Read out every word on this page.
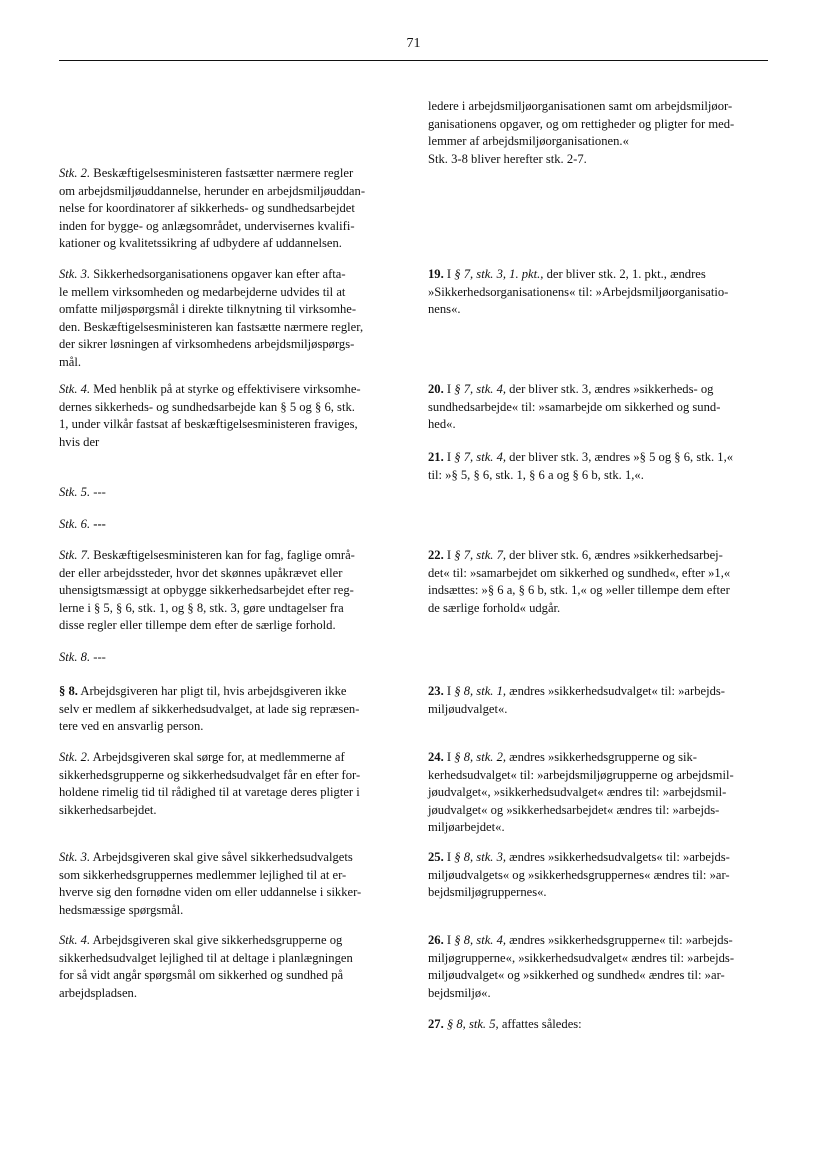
71
Stk. 2. Beskæftigelsesministeren fastsætter nærmere regler
om arbejdsmiljøuddannelse, herunder en arbejdsmiljøuddan-
nelse for koordinatorer af sikkerheds- og sundhedsarbejdet
inden for bygge- og anlægsområdet, undervisernes kvalifi-
kationer og kvalitetssikring af udbydere af uddannelsen.
Stk. 3. Sikkerhedsorganisationens opgaver kan efter afta-
le mellem virksomheden og medarbejderne udvides til at
omfatte miljøspørgsmål i direkte tilknytning til virksomhe-
den. Beskæftigelsesministeren kan fastsætte nærmere regler,
der sikrer løsningen af virksomhedens arbejdsmiljøspørgs-
mål.
Stk. 4. Med henblik på at styrke og effektivisere virksomhe-
dernes sikkerheds- og sundhedsarbejde kan § 5 og § 6, stk.
1, under vilkår fastsat af beskæftigelsesministeren fraviges,
hvis der
Stk. 5. ---
Stk. 6. ---
Stk. 7. Beskæftigelsesministeren kan for fag, faglige områ-
der eller arbejdssteder, hvor det skønnes upåkrævet eller
uhensigtsmæssigt at opbygge sikkerhedsarbejdet efter reg-
lerne i § 5, § 6, stk. 1, og § 8, stk. 3, gøre undtagelser fra
disse regler eller tillempe dem efter de særlige forhold.
Stk. 8. ---
§ 8. Arbejdsgiveren har pligt til, hvis arbejdsgiveren ikke
selv er medlem af sikkerhedsudvalget, at lade sig repræsen-
tere ved en ansvarlig person.
Stk. 2. Arbejdsgiveren skal sørge for, at medlemmerne af
sikkerhedsgrupperne og sikkerhedsudvalget får en efter for-
holdene rimelig tid til rådighed til at varetage deres pligter i
sikkerhedsarbejdet.
Stk. 3. Arbejdsgiveren skal give såvel sikkerhedsudvalgets
som sikkerhedsgruppernes medlemmer lejlighed til at er-
hverve sig den fornødne viden om eller uddannelse i sikker-
hedsmæssige spørgsmål.
Stk. 4. Arbejdsgiveren skal give sikkerhedsgrupperne og
sikkerhedsudvalget lejlighed til at deltage i planlægningen
for så vidt angår spørgsmål om sikkerhed og sundhed på
arbejdspladsen.
ledere i arbejdsmiljøorganisationen samt om arbejdsmiljøor-
ganisationens opgaver, og om rettigheder og pligter for med-
lemmer af arbejdsmiljøorganisationen.«
Stk. 3-8 bliver herefter stk. 2-7.
19. I § 7, stk. 3, 1. pkt., der bliver stk. 2, 1. pkt., ændres
»Sikkerhedsorganisationens« til: »Arbejdsmiljøorganisatio-
nens«.
20. I § 7, stk. 4, der bliver stk. 3, ændres »sikkerheds- og
sundhedsarbejde« til: »samarbejde om sikkerhed og sund-
hed«.
21. I § 7, stk. 4, der bliver stk. 3, ændres »§ 5 og § 6, stk. 1,«
til: »§ 5, § 6, stk. 1, § 6 a og § 6 b, stk. 1,«.
22. I § 7, stk. 7, der bliver stk. 6, ændres »sikkerhedsarbej-
det« til: »samarbejdet om sikkerhed og sundhed«, efter »1,«
indsættes: »§ 6 a, § 6 b, stk. 1,« og »eller tillempe dem efter
de særlige forhold« udgår.
23. I § 8, stk. 1, ændres »sikkerhedsudvalget« til: »arbejds-
miljøudvalget«.
24. I § 8, stk. 2, ændres »sikkerhedsgrupperne og sik-
kerhedsudvalget« til: »arbejdsmiljøgrupperne og arbejdsmil-
jøudvalget«, »sikkerhedsudvalget« ændres til: »arbejdsmil-
jøudvalget« og »sikkerhedsarbejdet« ændres til: »arbejds-
miljøarbejdet«.
25. I § 8, stk. 3, ændres »sikkerhedsudvalgets« til: »arbejds-
miljøudvalgets« og »sikkerhedsgruppernes« ændres til: »ar-
bejdsmiljøgruppernes«.
26. I § 8, stk. 4, ændres »sikkerhedsgrupperne« til: »arbejds-
miljøgrupperne«, »sikkerhedsudvalget« ændres til: »arbejds-
miljøudvalget« og »sikkerhed og sundhed« ændres til: »ar-
bejdsmiljø«.
27. § 8, stk. 5, affattes således:
